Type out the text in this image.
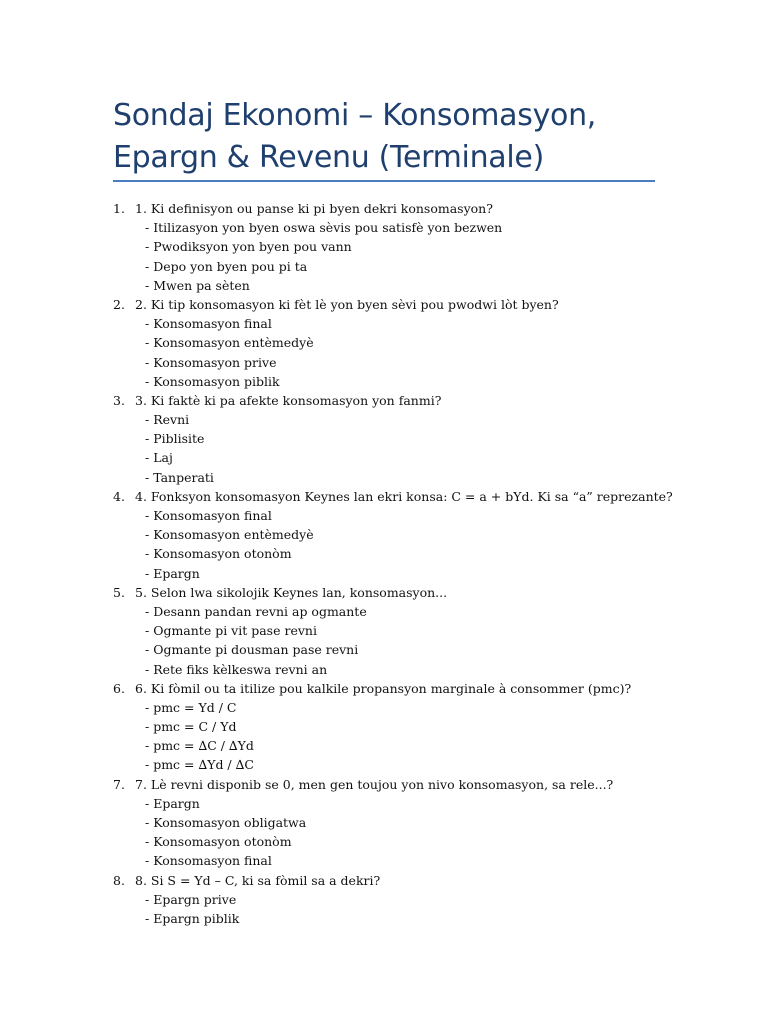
Sondaj Ekonomi – Konsomasyon,
Epargn & Revenu (Terminale)
1. 1. Ki definisyon ou panse ki pi byen dekri konsomasyon?
- Itilizasyon yon byen oswa sèvis pou satisfè yon bezwen
- Pwodiksyon yon byen pou vann
- Depo yon byen pou pi ta
- Mwen pa sèten
2. 2. Ki tip konsomasyon ki fèt lè yon byen sèvi pou pwodwi lòt byen?
- Konsomasyon final
- Konsomasyon entèmedyè
- Konsomasyon prive
- Konsomasyon piblik
3. 3. Ki faktè ki pa afekte konsomasyon yon fanmi?
- Revni
- Piblisite
- Laj
- Tanperati
4. 4. Fonksyon konsomasyon Keynes lan ekri konsa: C = a + bYd. Ki sa “a” reprezante?
- Konsomasyon final
- Konsomasyon entèmedyè
- Konsomasyon otonòm
- Epargn
5. 5. Selon lwa sikolojik Keynes lan, konsomasyon...
- Desann pandan revni ap ogmante
- Ogmante pi vit pase revni
- Ogmante pi dousman pase revni
- Rete fiks kèlkeswa revni an
6. 6. Ki fòmil ou ta itilize pou kalkile propansyon marginale à consommer (pmc)?
- pmc = Yd / C
- pmc = C / Yd
- pmc = ∆C / ∆Yd
- pmc = ∆Yd / ∆C
7. 7. Lè revni disponib se 0, men gen toujou yon nivo konsomasyon, sa rele...?
- Epargn
- Konsomasyon obligatwa
- Konsomasyon otonòm
- Konsomasyon final
8. 8. Si S = Yd – C, ki sa fòmil sa a dekri?
- Epargn prive
- Epargn piblik
